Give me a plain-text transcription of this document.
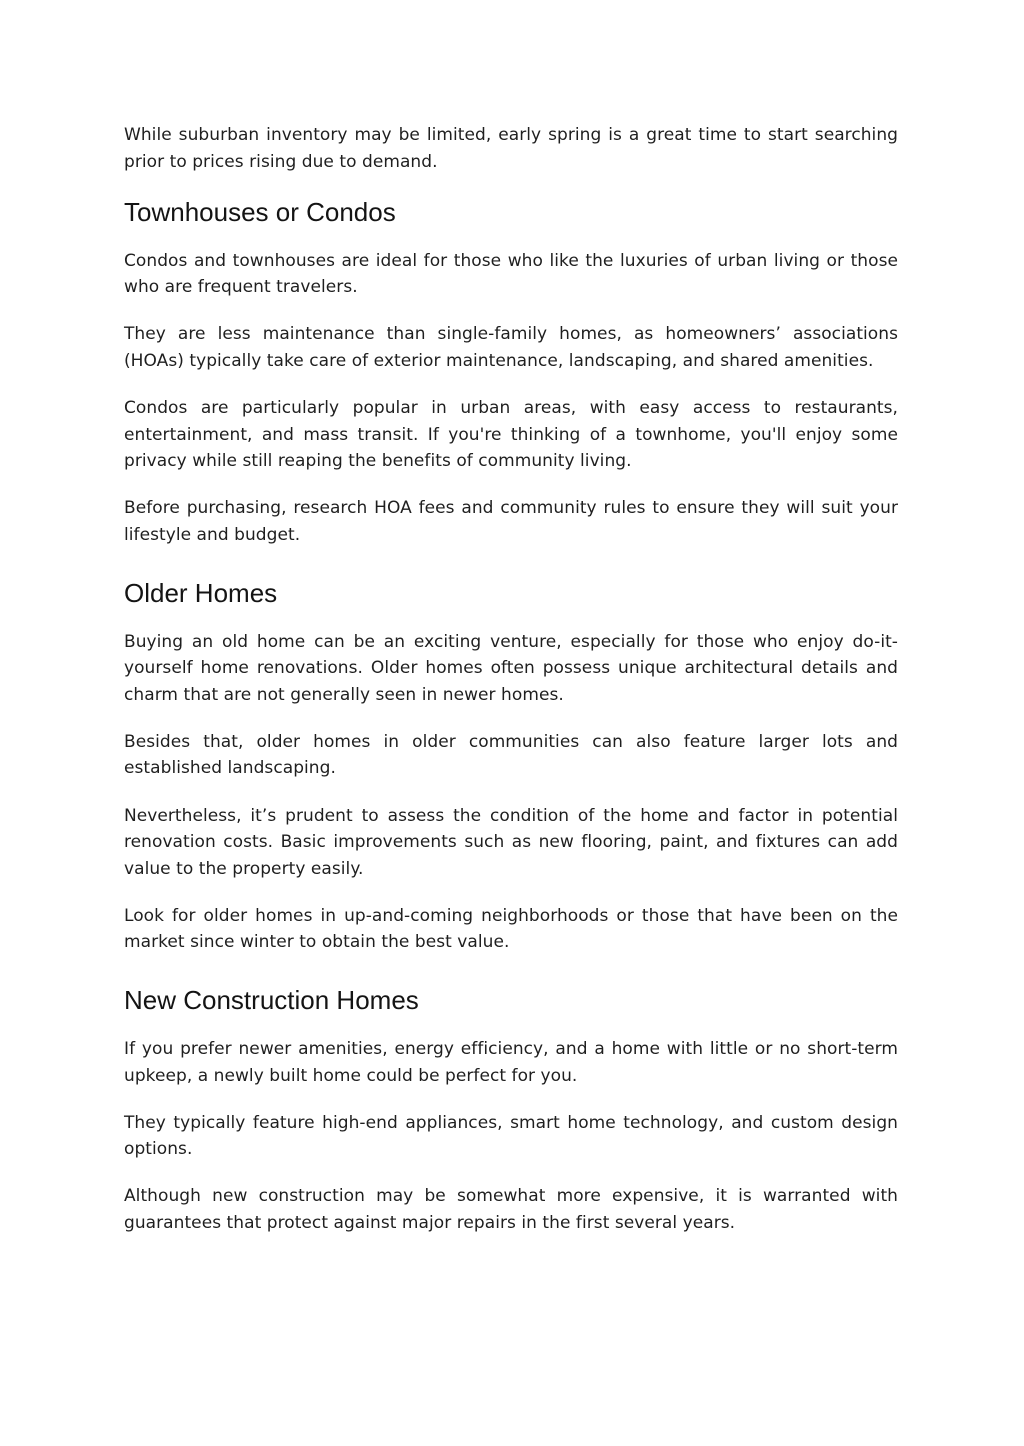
While suburban inventory may be limited, early spring is a great time to start searching prior to prices rising due to demand.

Townhouses or Condos

Condos and townhouses are ideal for those who like the luxuries of urban living or those who are frequent travelers.

They are less maintenance than single-family homes, as homeowners’ associations (HOAs) typically take care of exterior maintenance, landscaping, and shared amenities.

Condos are particularly popular in urban areas, with easy access to restaurants, entertainment, and mass transit. If you're thinking of a townhome, you'll enjoy some privacy while still reaping the benefits of community living.

Before purchasing, research HOA fees and community rules to ensure they will suit your lifestyle and budget.

Older Homes

Buying an old home can be an exciting venture, especially for those who enjoy do-it-yourself home renovations. Older homes often possess unique architectural details and charm that are not generally seen in newer homes.

Besides that, older homes in older communities can also feature larger lots and established landscaping.

Nevertheless, it’s prudent to assess the condition of the home and factor in potential renovation costs. Basic improvements such as new flooring, paint, and fixtures can add value to the property easily.

Look for older homes in up-and-coming neighborhoods or those that have been on the market since winter to obtain the best value.

New Construction Homes

If you prefer newer amenities, energy efficiency, and a home with little or no short-term upkeep, a newly built home could be perfect for you.

They typically feature high-end appliances, smart home technology, and custom design options.

Although new construction may be somewhat more expensive, it is warranted with guarantees that protect against major repairs in the first several years.
